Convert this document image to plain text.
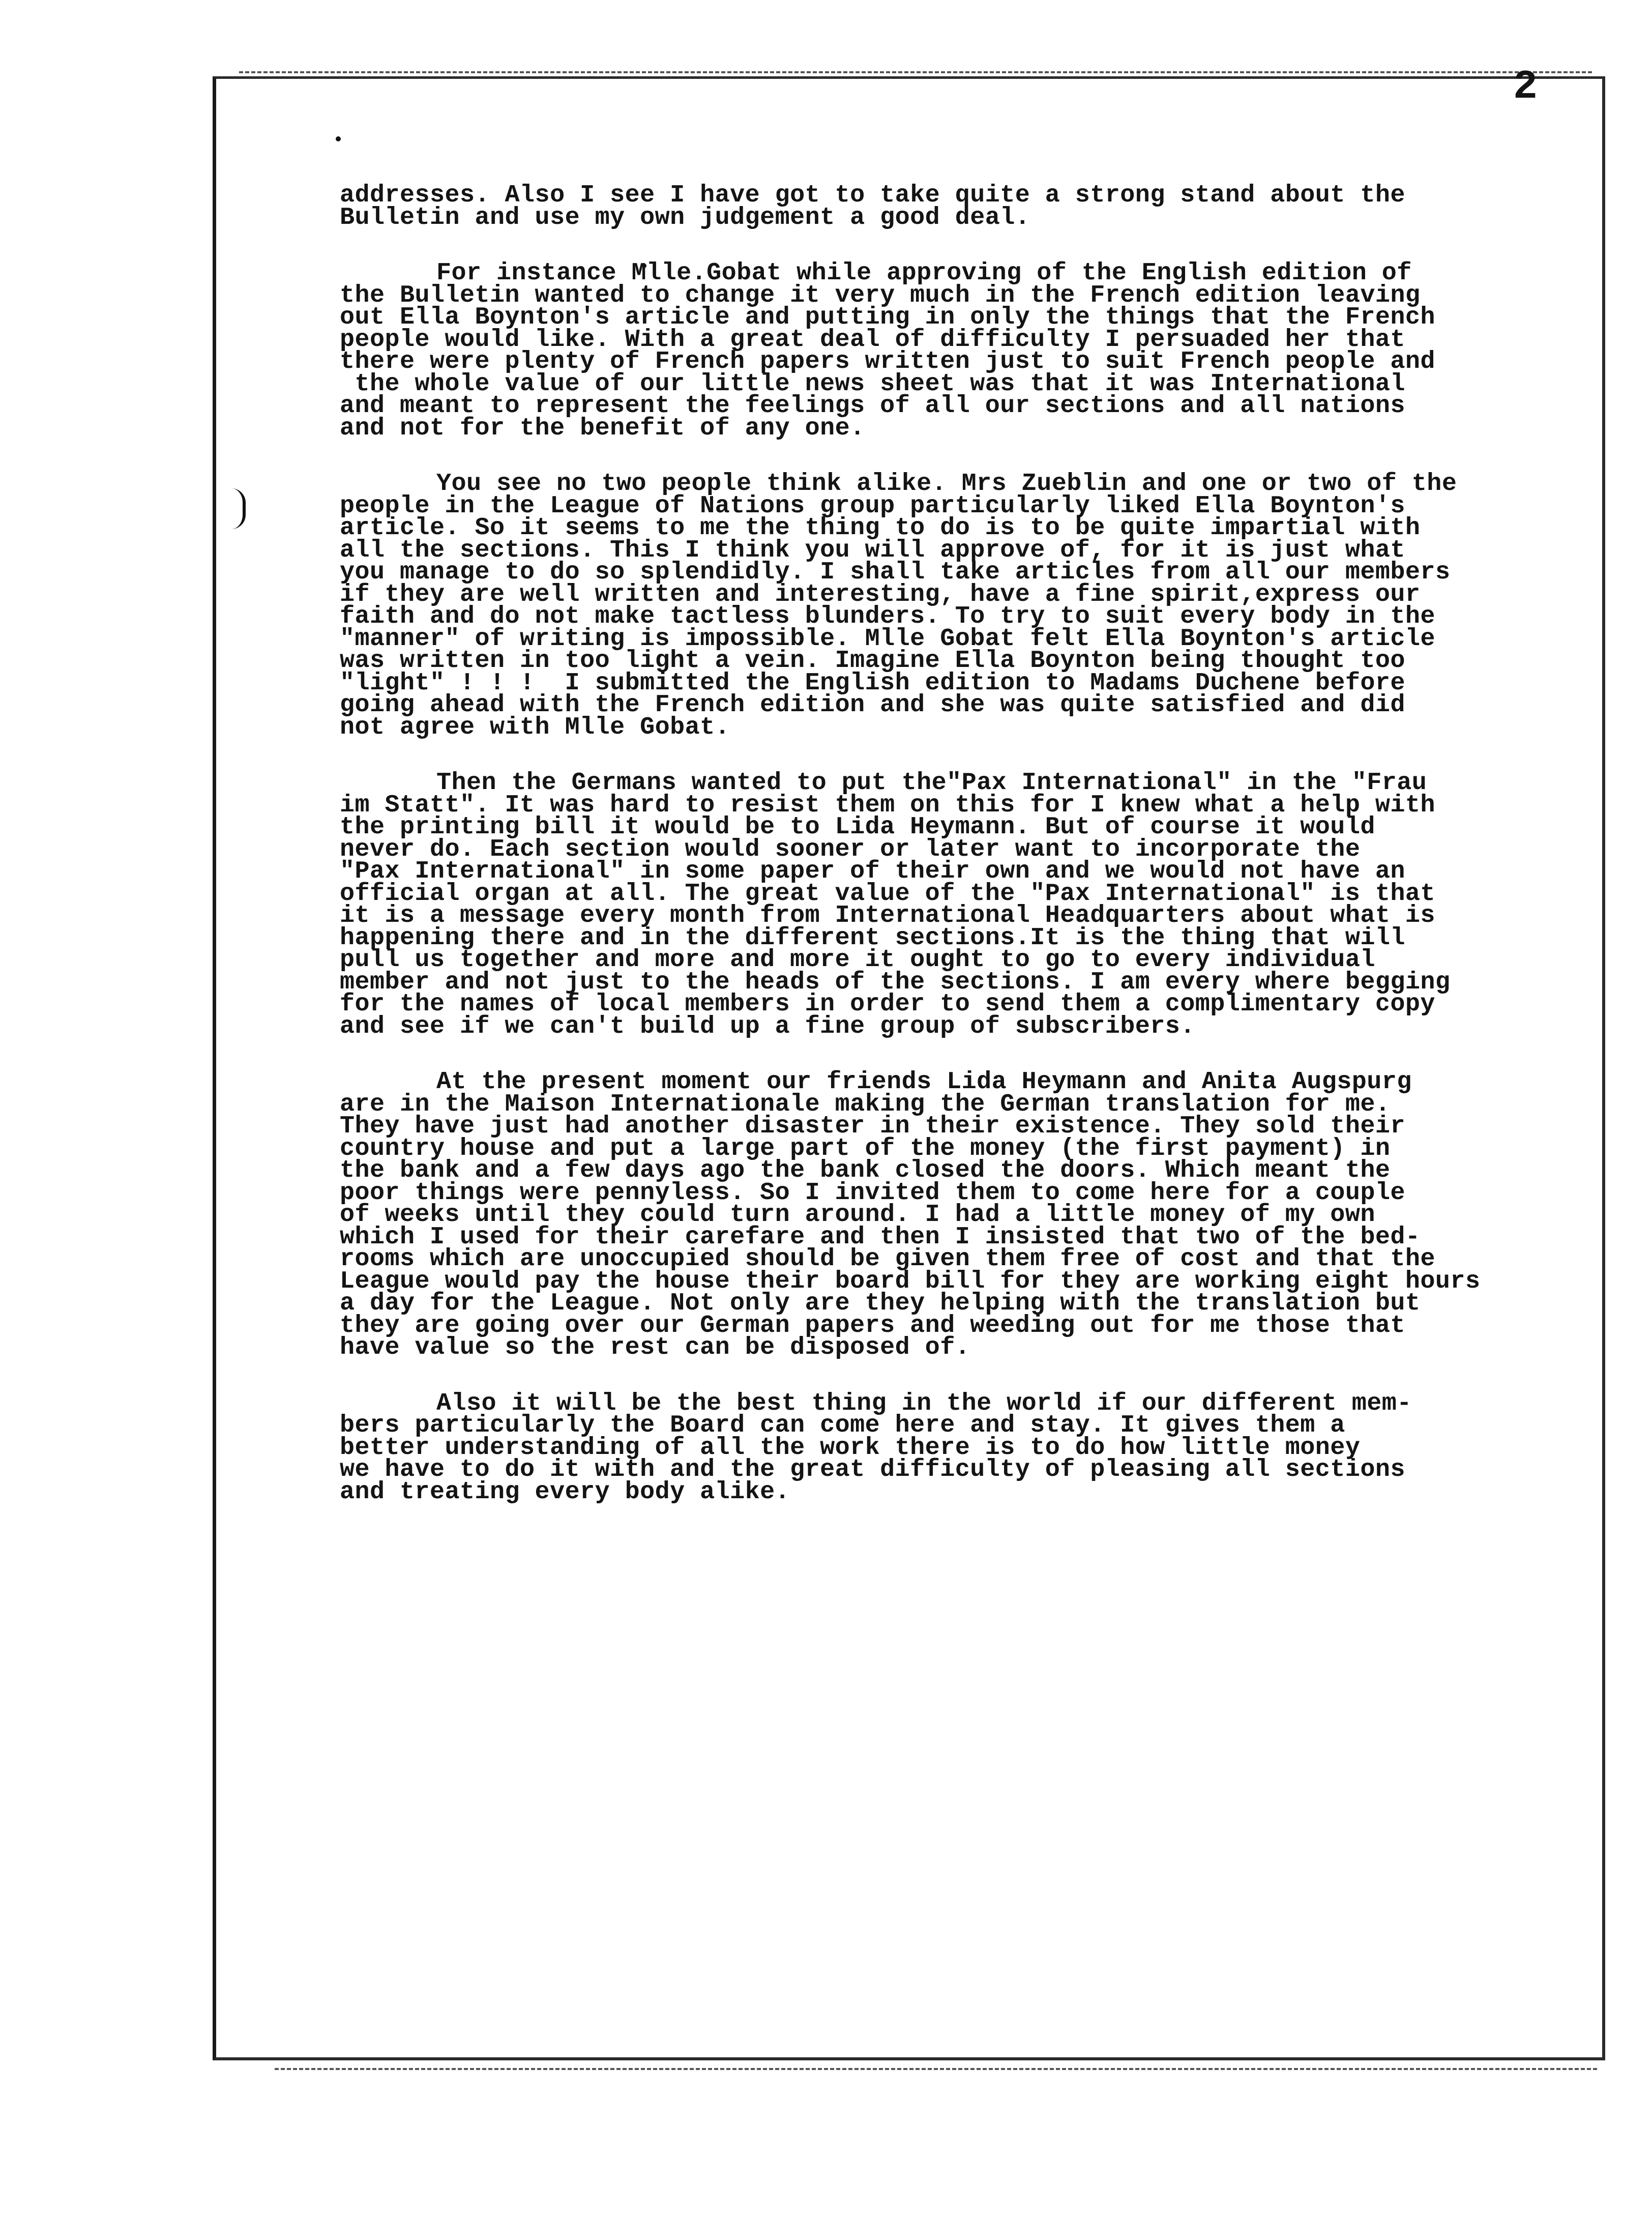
2
addresses. Also I see I have got to take quite a strong stand about the
Bulletin and use my own judgement a good deal.
For instance Mlle.Gobat while approving of the English edition of
the Bulletin wanted to change it very much in the French edition leaving
out Ella Boynton's article and putting in only the things that the French
people would like. With a great deal of difficulty I persuaded her that
there were plenty of French papers written just to suit French people and
the whole value of our little news sheet was that it was International
and meant to represent the feelings of all our sections and all nations
and not for the benefit of any one.
You see no two people think alike. Mrs Zueblin and one or two of the
people in the League of Nations group particularly liked Ella Boynton's
article. So it seems to me the thing to do is to be quite impartial with
all the sections. This I think you will approve of, for it is just what
you manage to do so splendidly. I shall take articles from all our members
if they are well written and interesting, have a fine spirit,express our
faith and do not make tactless blunders. To try to suit every body in the
"manner" of writing is impossible. Mlle Gobat felt Ella Boynton's article
was written in too light a vein. Imagine Ella Boynton being thought too
"light" ! ! !  I submitted the English edition to Madams Duchene before
going ahead with the French edition and she was quite satisfied and did
not agree with Mlle Gobat.
Then the Germans wanted to put the"Pax International" in the "Frau
im Statt". It was hard to resist them on this for I knew what a help with
the printing bill it would be to Lida Heymann. But of course it would
never do. Each section would sooner or later want to incorporate the
"Pax International" in some paper of their own and we would not have an
official organ at all. The great value of the "Pax International" is that
it is a message every month from International Headquarters about what is
happening there and in the different sections.It is the thing that will
pull us together and more and more it ought to go to every individual
member and not just to the heads of the sections. I am every where begging
for the names of local members in order to send them a complimentary copy
and see if we can't build up a fine group of subscribers.
At the present moment our friends Lida Heymann and Anita Augspurg
are in the Maison Internationale making the German translation for me.
They have just had another disaster in their existence. They sold their
country house and put a large part of the money (the first payment) in
the bank and a few days ago the bank closed the doors. Which meant the
poor things were pennyless. So I invited them to come here for a couple
of weeks until they could turn around. I had a little money of my own
which I used for their carefare and then I insisted that two of the bed-
rooms which are unoccupied should be given them free of cost and that the
League would pay the house their board bill for they are working eight hours
a day for the League. Not only are they helping with the translation but
they are going over our German papers and weeding out for me those that
have value so the rest can be disposed of.
Also it will be the best thing in the world if our different mem-
bers particularly the Board can come here and stay. It gives them a
better understanding of all the work there is to do how little money
we have to do it with and the great difficulty of pleasing all sections
and treating every body alike.
